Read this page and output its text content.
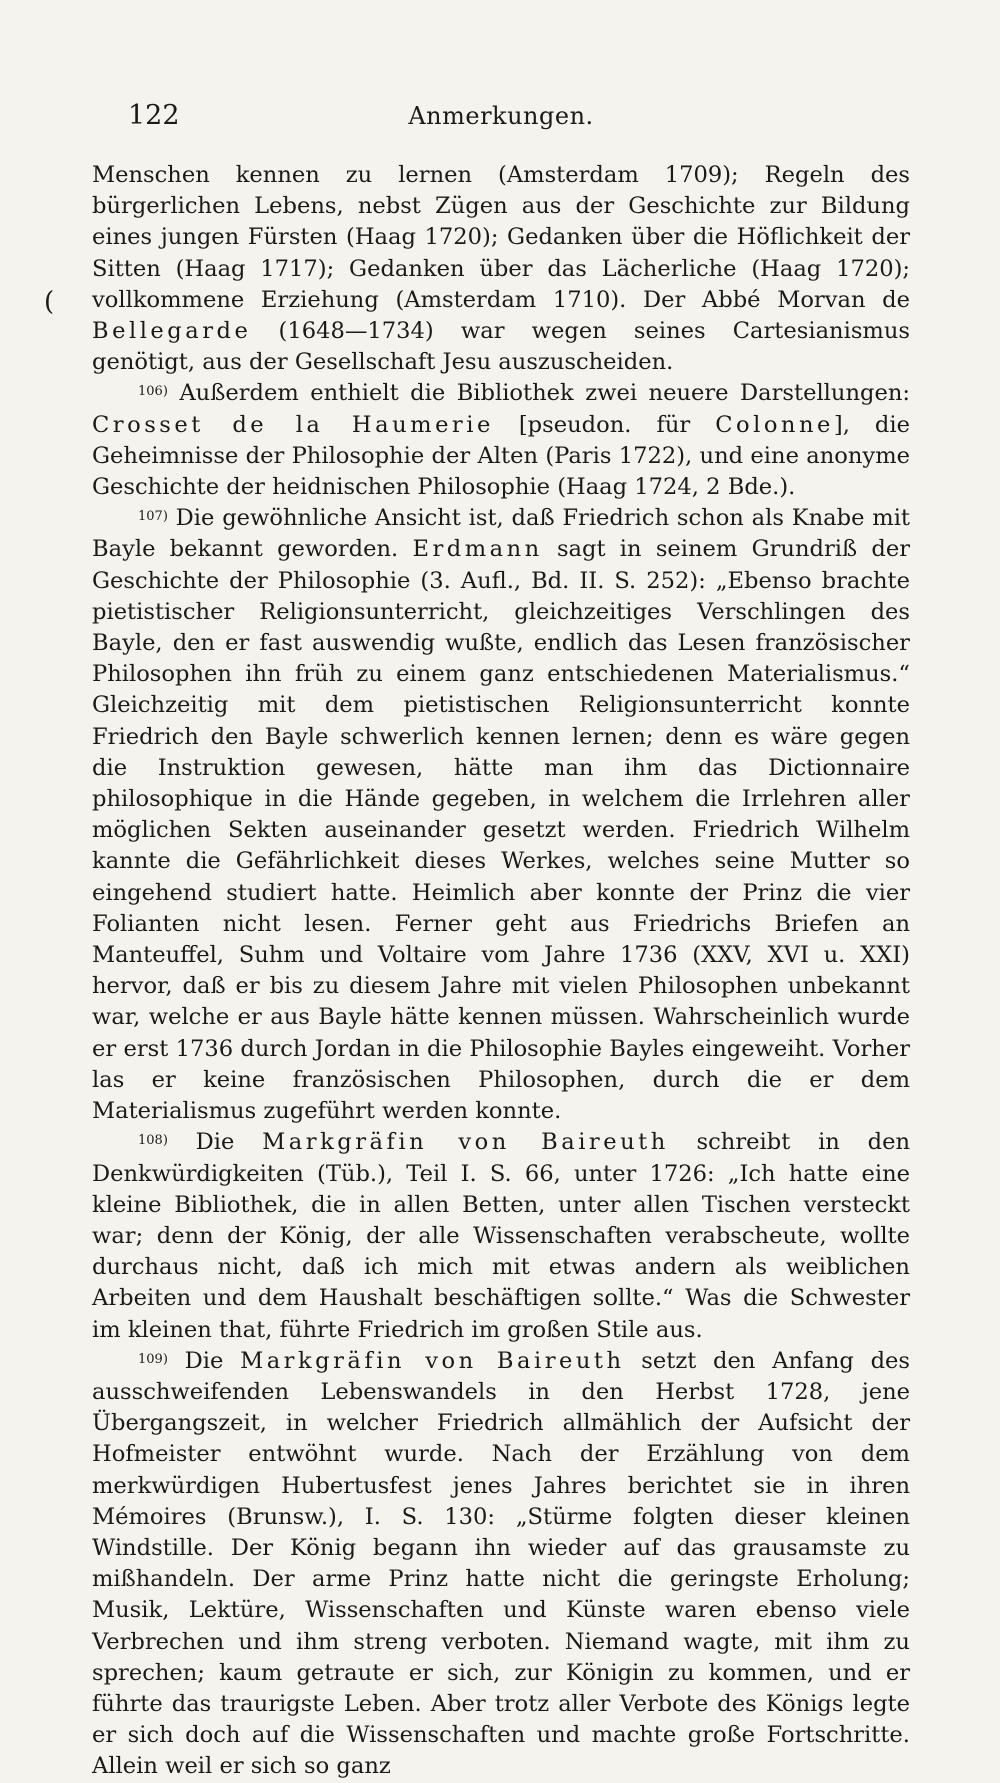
122	Anmerkungen.
(

Menschen kennen zu lernen (Amsterdam 1709); Regeln des bürgerlichen Lebens, nebst Zügen aus der Geschichte zur Bildung eines jungen Fürsten (Haag 1720); Gedanken über die Höflichkeit der Sitten (Haag 1717); Gedanken über das Lächerliche (Haag 1720); vollkommene Erziehung (Amsterdam 1710). Der Abbé Morvan de Bellegarde (1648—1734) war wegen seines Cartesianismus genötigt, aus der Gesellschaft Jesu auszuscheiden.

$^{106)}$ Außerdem enthielt die Bibliothek zwei neuere Darstellungen: Crosset de la Haumerie [pseudon. für Colonne], die Geheimnisse der Philosophie der Alten (Paris 1722), und eine anonyme Geschichte der heidnischen Philosophie (Haag 1724, 2 Bde.).

$^{107)}$ Die gewöhnliche Ansicht ist, daß Friedrich schon als Knabe mit Bayle bekannt geworden. Erdmann sagt in seinem Grundriß der Geschichte der Philosophie (3. Aufl., Bd. II. S. 252): „Ebenso brachte pietistischer Religionsunterricht, gleichzeitiges Verschlingen des Bayle, den er fast auswendig wußte, endlich das Lesen französischer Philosophen ihn früh zu einem ganz entschiedenen Materialismus.“ Gleichzeitig mit dem pietistischen Religionsunterricht konnte Friedrich den Bayle schwerlich kennen lernen; denn es wäre gegen die Instruktion gewesen, hätte man ihm das Dictionnaire philosophique in die Hände gegeben, in welchem die Irrlehren aller möglichen Sekten auseinander gesetzt werden. Friedrich Wilhelm kannte die Gefährlichkeit dieses Werkes, welches seine Mutter so eingehend studiert hatte. Heimlich aber konnte der Prinz die vier Folianten nicht lesen. Ferner geht aus Friedrichs Briefen an Manteuffel, Suhm und Voltaire vom Jahre 1736 (XXV, XVI u. XXI) hervor, daß er bis zu diesem Jahre mit vielen Philosophen unbekannt war, welche er aus Bayle hätte kennen müssen. Wahrscheinlich wurde er erst 1736 durch Jordan in die Philosophie Bayles eingeweiht. Vorher las er keine französischen Philosophen, durch die er dem Materialismus zugeführt werden konnte.

$^{108)}$ Die Markgräfin von Baireuth schreibt in den Denkwürdigkeiten (Tüb.), Teil I. S. 66, unter 1726: „Ich hatte eine kleine Bibliothek, die in allen Betten, unter allen Tischen versteckt war; denn der König, der alle Wissenschaften verabscheute, wollte durchaus nicht, daß ich mich mit etwas andern als weiblichen Arbeiten und dem Haushalt beschäftigen sollte.“ Was die Schwester im kleinen that, führte Friedrich im großen Stile aus.

$^{109)}$ Die Markgräfin von Baireuth setzt den Anfang des ausschweifenden Lebenswandels in den Herbst 1728, jene Übergangszeit, in welcher Friedrich allmählich der Aufsicht der Hofmeister entwöhnt wurde. Nach der Erzählung von dem merkwürdigen Hubertusfest jenes Jahres berichtet sie in ihren Mémoires (Brunsw.), I. S. 130: „Stürme folgten dieser kleinen Windstille. Der König begann ihn wieder auf das grausamste zu mißhandeln. Der arme Prinz hatte nicht die geringste Erholung; Musik, Lektüre, Wissenschaften und Künste waren ebenso viele Verbrechen und ihm streng verboten. Niemand wagte, mit ihm zu sprechen; kaum getraute er sich, zur Königin zu kommen, und er führte das traurigste Leben. Aber trotz aller Verbote des Königs legte er sich doch auf die Wissenschaften und machte große Fortschritte. Allein weil er sich so ganz
